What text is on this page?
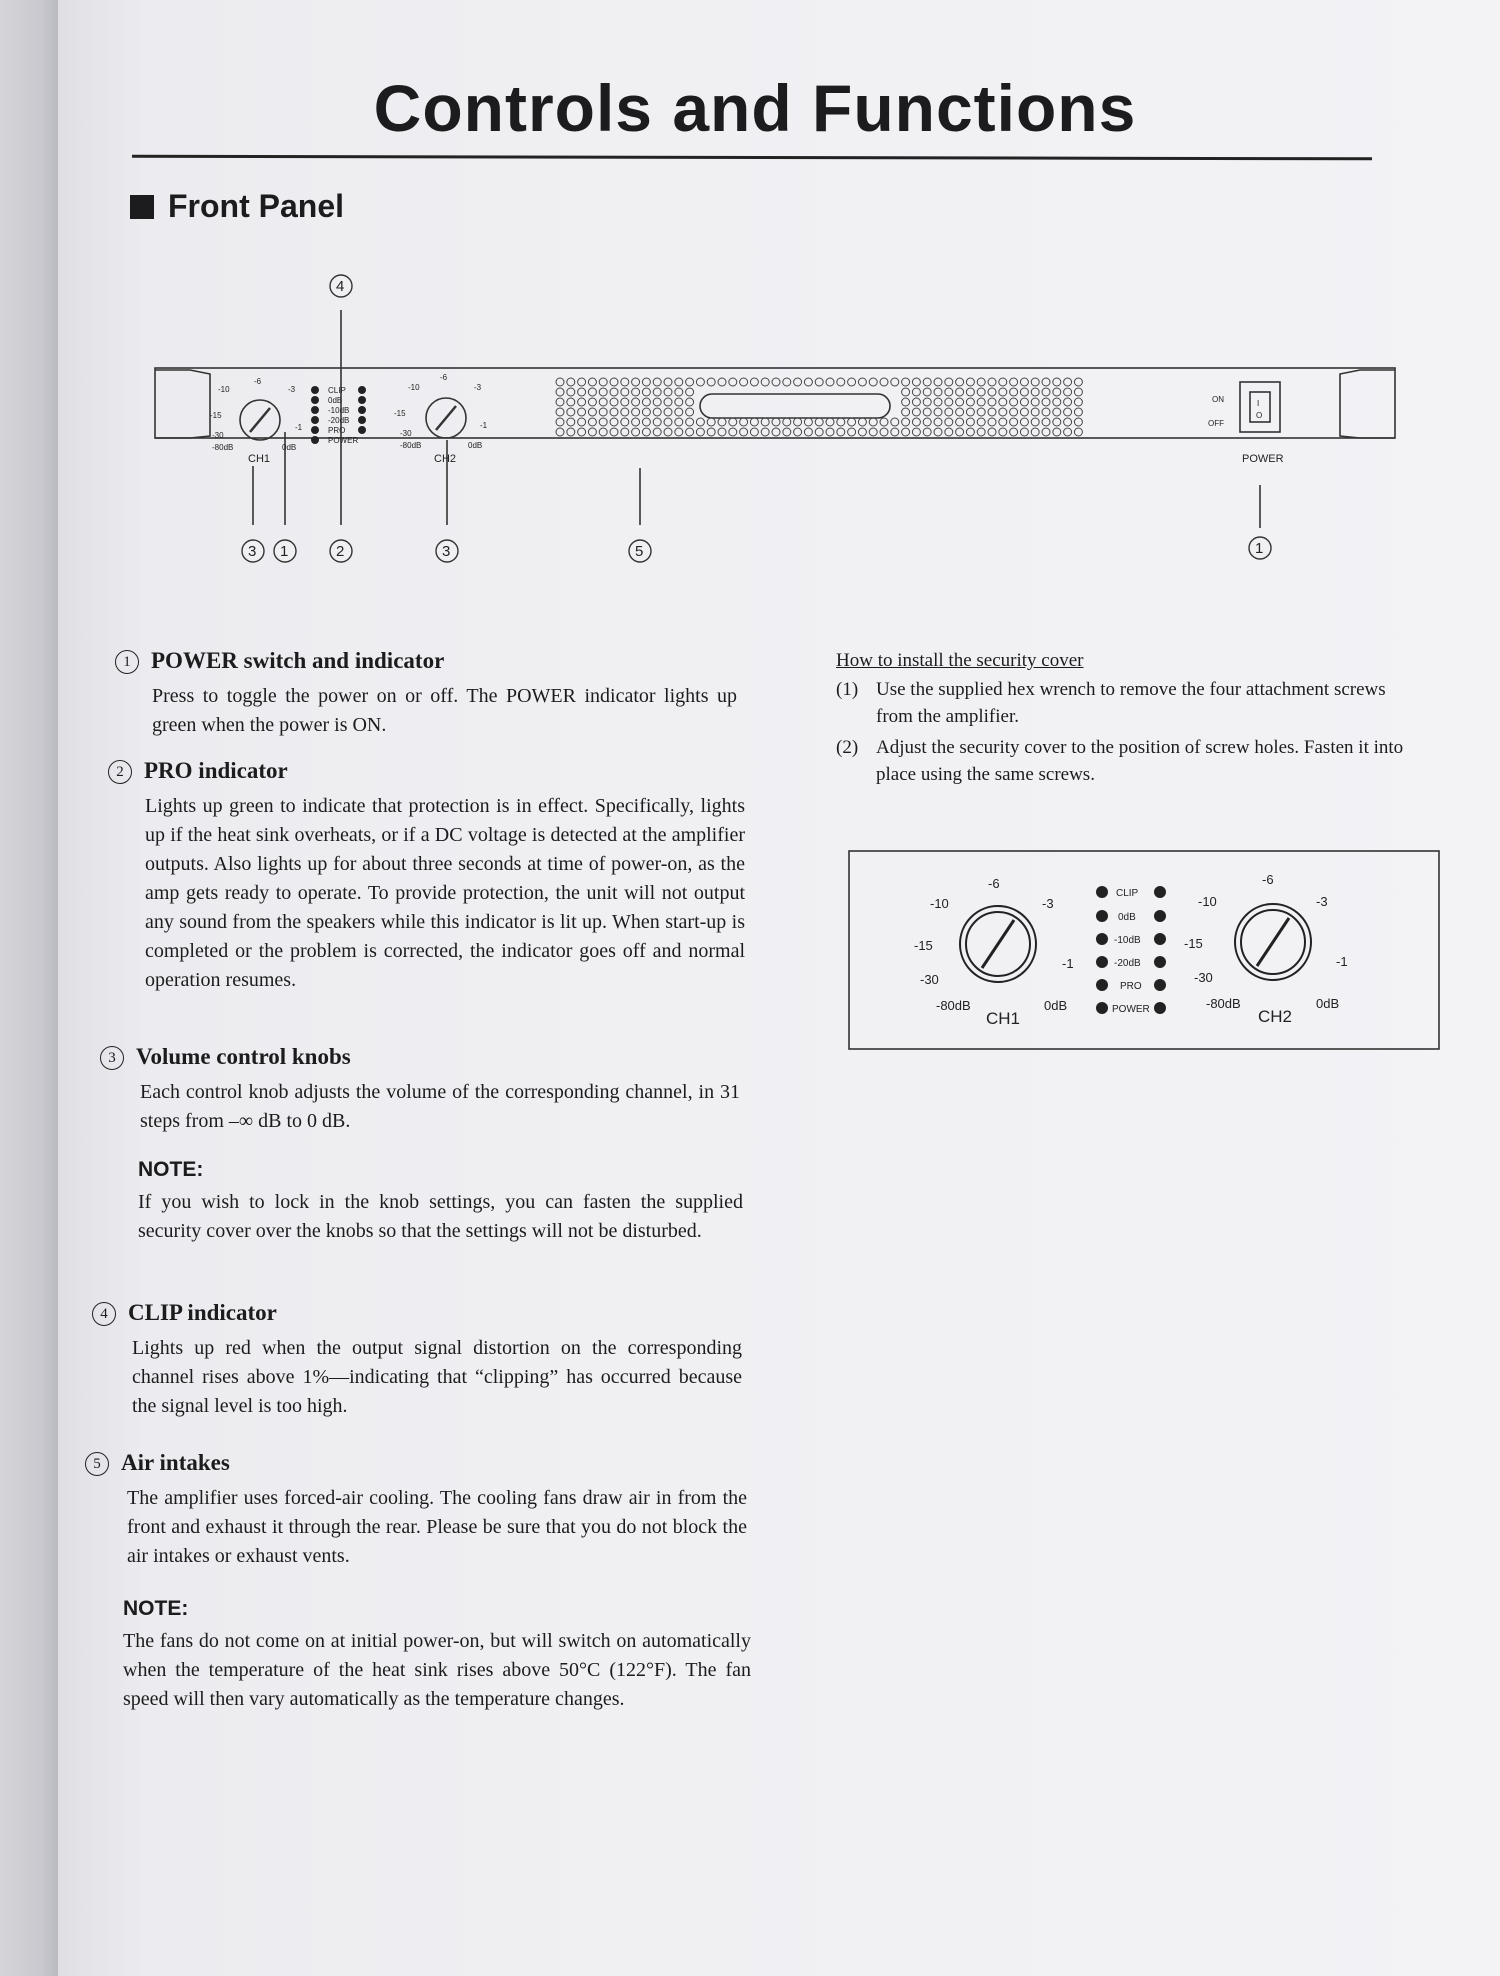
Controls and Functions
Front Panel
CLIP
0dB
-10dB
-20dB
PRO
POWER
-10
-6
-3
-15
-1
-30
-80dB	0dB
-10
-6
-3
-15
-1
-30
-80dB	0dB
ON
OFF
I
O
CH1	CH2	POWER
4
3 1	2	3	5	1
1 POWER switch and indicator

Press to toggle the power on or off. The POWER indicator lights up green when the power is ON.

2 PRO indicator

Lights up green to indicate that protection is in effect. Specifically, lights up if the heat sink overheats, or if a DC voltage is detected at the amplifier outputs. Also lights up for about three seconds at time of power-on, as the amp gets ready to operate. To provide protection, the unit will not output any sound from the speakers while this indicator is lit up. When start-up is completed or the problem is corrected, the indicator goes off and normal operation resumes.

3 Volume control knobs

Each control knob adjusts the volume of the corresponding channel, in 31 steps from –∞ dB to 0 dB.

NOTE:

If you wish to lock in the knob settings, you can fasten the supplied security cover over the knobs so that the settings will not be disturbed.

4 CLIP indicator

Lights up red when the output signal distortion on the corresponding channel rises above 1%—indicating that “clipping” has occurred because the signal level is too high.

5 Air intakes

The amplifier uses forced-air cooling. The cooling fans draw air in from the front and exhaust it through the rear. Please be sure that you do not block the air intakes or exhaust vents.

NOTE:

The fans do not come on at initial power-on, but will switch on automatically when the temperature of the heat sink rises above 50°C (122°F). The fan speed will then vary automatically as the temperature changes.

How to install the security cover
(1) Use the supplied hex wrench to remove the four attachment screws from the amplifier.
(2) Adjust the security cover to the position of screw holes. Fasten it into place using the same screws.
CLIP
0dB
-10dB
-20dB
PRO
POWER
-10
-6
-3
-15
-1
-30
-80dB	0dB
-10
-6
-3
-15
-1
-30
-80dB	0dB
CH1	CH2
